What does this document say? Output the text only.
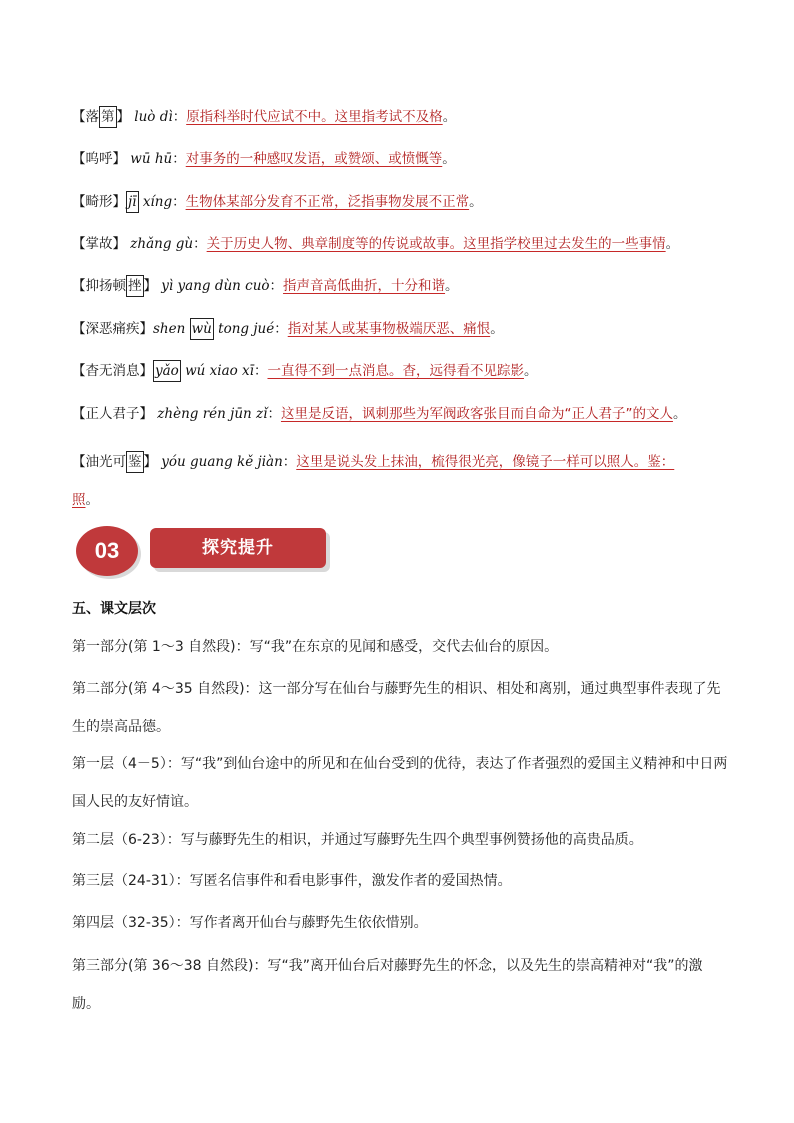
【落 第 】 luò dì：原指科举时代应试不中。这里指考试不及格。
【呜呼】 wū hū：对事务的一种感叹发语，或赞颂、或愤慨等。
【畸形】 jī xíng：生物体某部分发育不正常，泛指事物发展不正常。
【掌故】 zhǎng gù：关于历史人物、典章制度等的传说或故事。这里指学校里过去发生的一些事情。
【抑扬顿 挫 】 yì yang dùn cuò：指声音高低曲折，十分和谐。
【深恶痛疾】shen wù tong jué：指对某人或某事物极端厌恶、痛恨。
【杳无消息】 yǎo wú xiao xī：一直得不到一点消息。杳，远得看不见踪影。
【正人君子】 zhèng rén jūn zǐ：这里是反语，讽刺那些为军阀政客张目而自命为“正人君子”的文人。
【油光可 鉴 】 yóu guang kě jiàn：这里是说头发上抹油，梳得很光亮，像镜子一样可以照人。鉴：
照。
03	探究提升
五、课文层次
第一部分(第 1～3 自然段)：写“我”在东京的见闻和感受，交代去仙台的原因。
第二部分(第 4～35 自然段)：这一部分写在仙台与藤野先生的相识、相处和离别，通过典型事件表现了先生的崇高品德。
第一层（4－5）：写“我”到仙台途中的所见和在仙台受到的优待，表达了作者强烈的爱国主义精神和中日两国人民的友好情谊。
第二层（6-23）：写与藤野先生的相识，并通过写藤野先生四个典型事例赞扬他的高贵品质。
第三层（24-31）：写匿名信事件和看电影事件，激发作者的爱国热情。
第四层（32-35）：写作者离开仙台与藤野先生依依惜别。
第三部分(第 36～38 自然段)：写“我”离开仙台后对藤野先生的怀念，以及先生的崇高精神对“我”的激励。
